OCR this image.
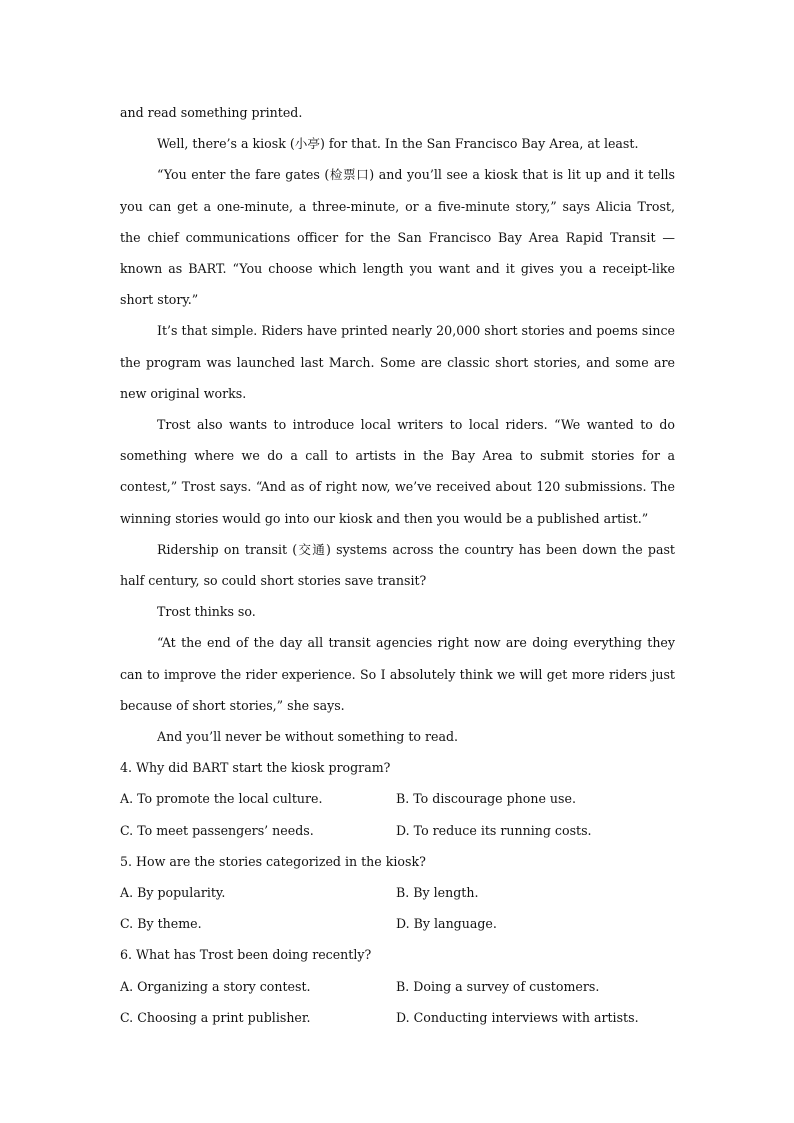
and read something printed.

Well, there’s a kiosk (小亭) for that. In the San Francisco Bay Area, at least.

“You enter the fare gates (检票口) and you’ll see a kiosk that is lit up and it tells you can get a one-minute, a three-minute, or a five-minute story,” says Alicia Trost, the chief communications officer for the San Francisco Bay Area Rapid Transit — known as BART. “You choose which length you want and it gives you a receipt-like short story.”

It’s that simple. Riders have printed nearly 20,000 short stories and poems since the program was launched last March. Some are classic short stories, and some are new original works.

Trost also wants to introduce local writers to local riders. “We wanted to do something where we do a call to artists in the Bay Area to submit stories for a contest,” Trost says. “And as of right now, we’ve received about 120 submissions. The winning stories would go into our kiosk and then you would be a published artist.”

Ridership on transit (交通) systems across the country has been down the past half century, so could short stories save transit?

Trost thinks so.

“At the end of the day all transit agencies right now are doing everything they can to improve the rider experience. So I absolutely think we will get more riders just because of short stories,” she says.

And you’ll never be without something to read.

4. Why did BART start the kiosk program?

A. To promote the local culture.	B. To discourage phone use.
C. To meet passengers’ needs.	D. To reduce its running costs.

5. How are the stories categorized in the kiosk?

A. By popularity.	B. By length.
C. By theme.	D. By language.

6. What has Trost been doing recently?

A. Organizing a story contest.	B. Doing a survey of customers.
C. Choosing a print publisher.	D. Conducting interviews with artists.
